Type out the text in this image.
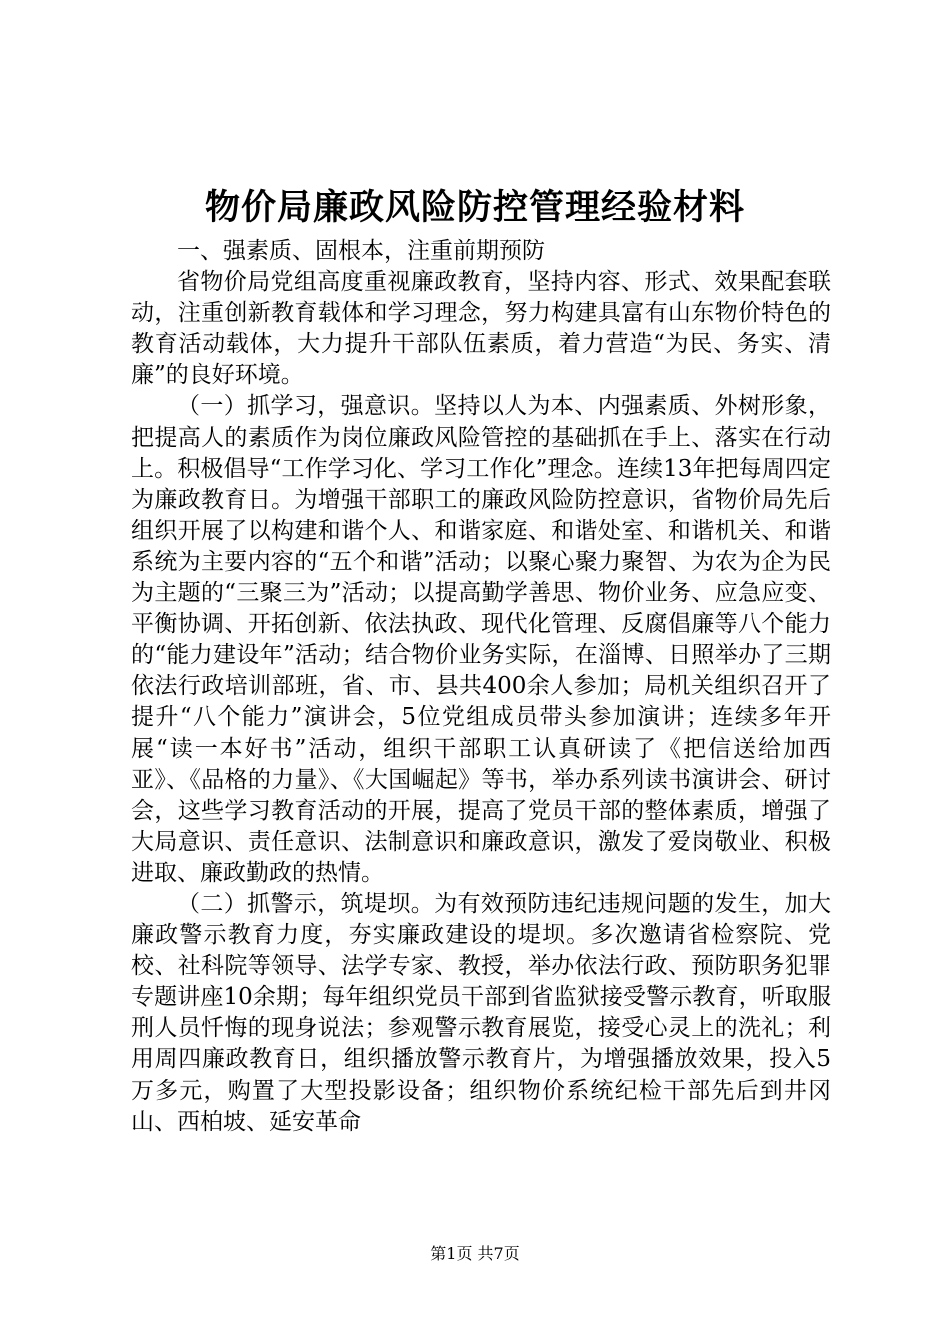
物价局廉政风险防控管理经验材料

一、强素质、固根本，注重前期预防

省物价局党组高度重视廉政教育，坚持内容、形式、效果配套联动，注重创新教育载体和学习理念，努力构建具富有山东物价特色的教育活动载体，大力提升干部队伍素质，着力营造“为民、务实、清廉”的良好环境。

（一）抓学习，强意识。坚持以人为本、内强素质、外树形象，把提高人的素质作为岗位廉政风险管控的基础抓在手上、落实在行动上。积极倡导“工作学习化、学习工作化”理念。连续13年把每周四定为廉政教育日。为增强干部职工的廉政风险防控意识，省物价局先后组织开展了以构建和谐个人、和谐家庭、和谐处室、和谐机关、和谐系统为主要内容的“五个和谐”活动；以聚心聚力聚智、为农为企为民为主题的“三聚三为”活动；以提高勤学善思、物价业务、应急应变、平衡协调、开拓创新、依法执政、现代化管理、反腐倡廉等八个能力的“能力建设年”活动；结合物价业务实际，在淄博、日照举办了三期依法行政培训部班，省、市、县共400余人参加；局机关组织召开了提升“八个能力”演讲会，5位党组成员带头参加演讲；连续多年开展“读一本好书”活动，组织干部职工认真研读了《把信送给加西亚》、《品格的力量》、《大国崛起》等书，举办系列读书演讲会、研讨会，这些学习教育活动的开展，提高了党员干部的整体素质，增强了大局意识、责任意识、法制意识和廉政意识，激发了爱岗敬业、积极进取、廉政勤政的热情。

（二）抓警示，筑堤坝。为有效预防违纪违规问题的发生，加大廉政警示教育力度，夯实廉政建设的堤坝。多次邀请省检察院、党校、社科院等领导、法学专家、教授，举办依法行政、预防职务犯罪专题讲座10余期；每年组织党员干部到省监狱接受警示教育，听取服刑人员忏悔的现身说法；参观警示教育展览，接受心灵上的洗礼；利用周四廉政教育日，组织播放警示教育片，为增强播放效果，投入5万多元，购置了大型投影设备；组织物价系统纪检干部先后到井冈山、西柏坡、延安革命

第1页 共7页
